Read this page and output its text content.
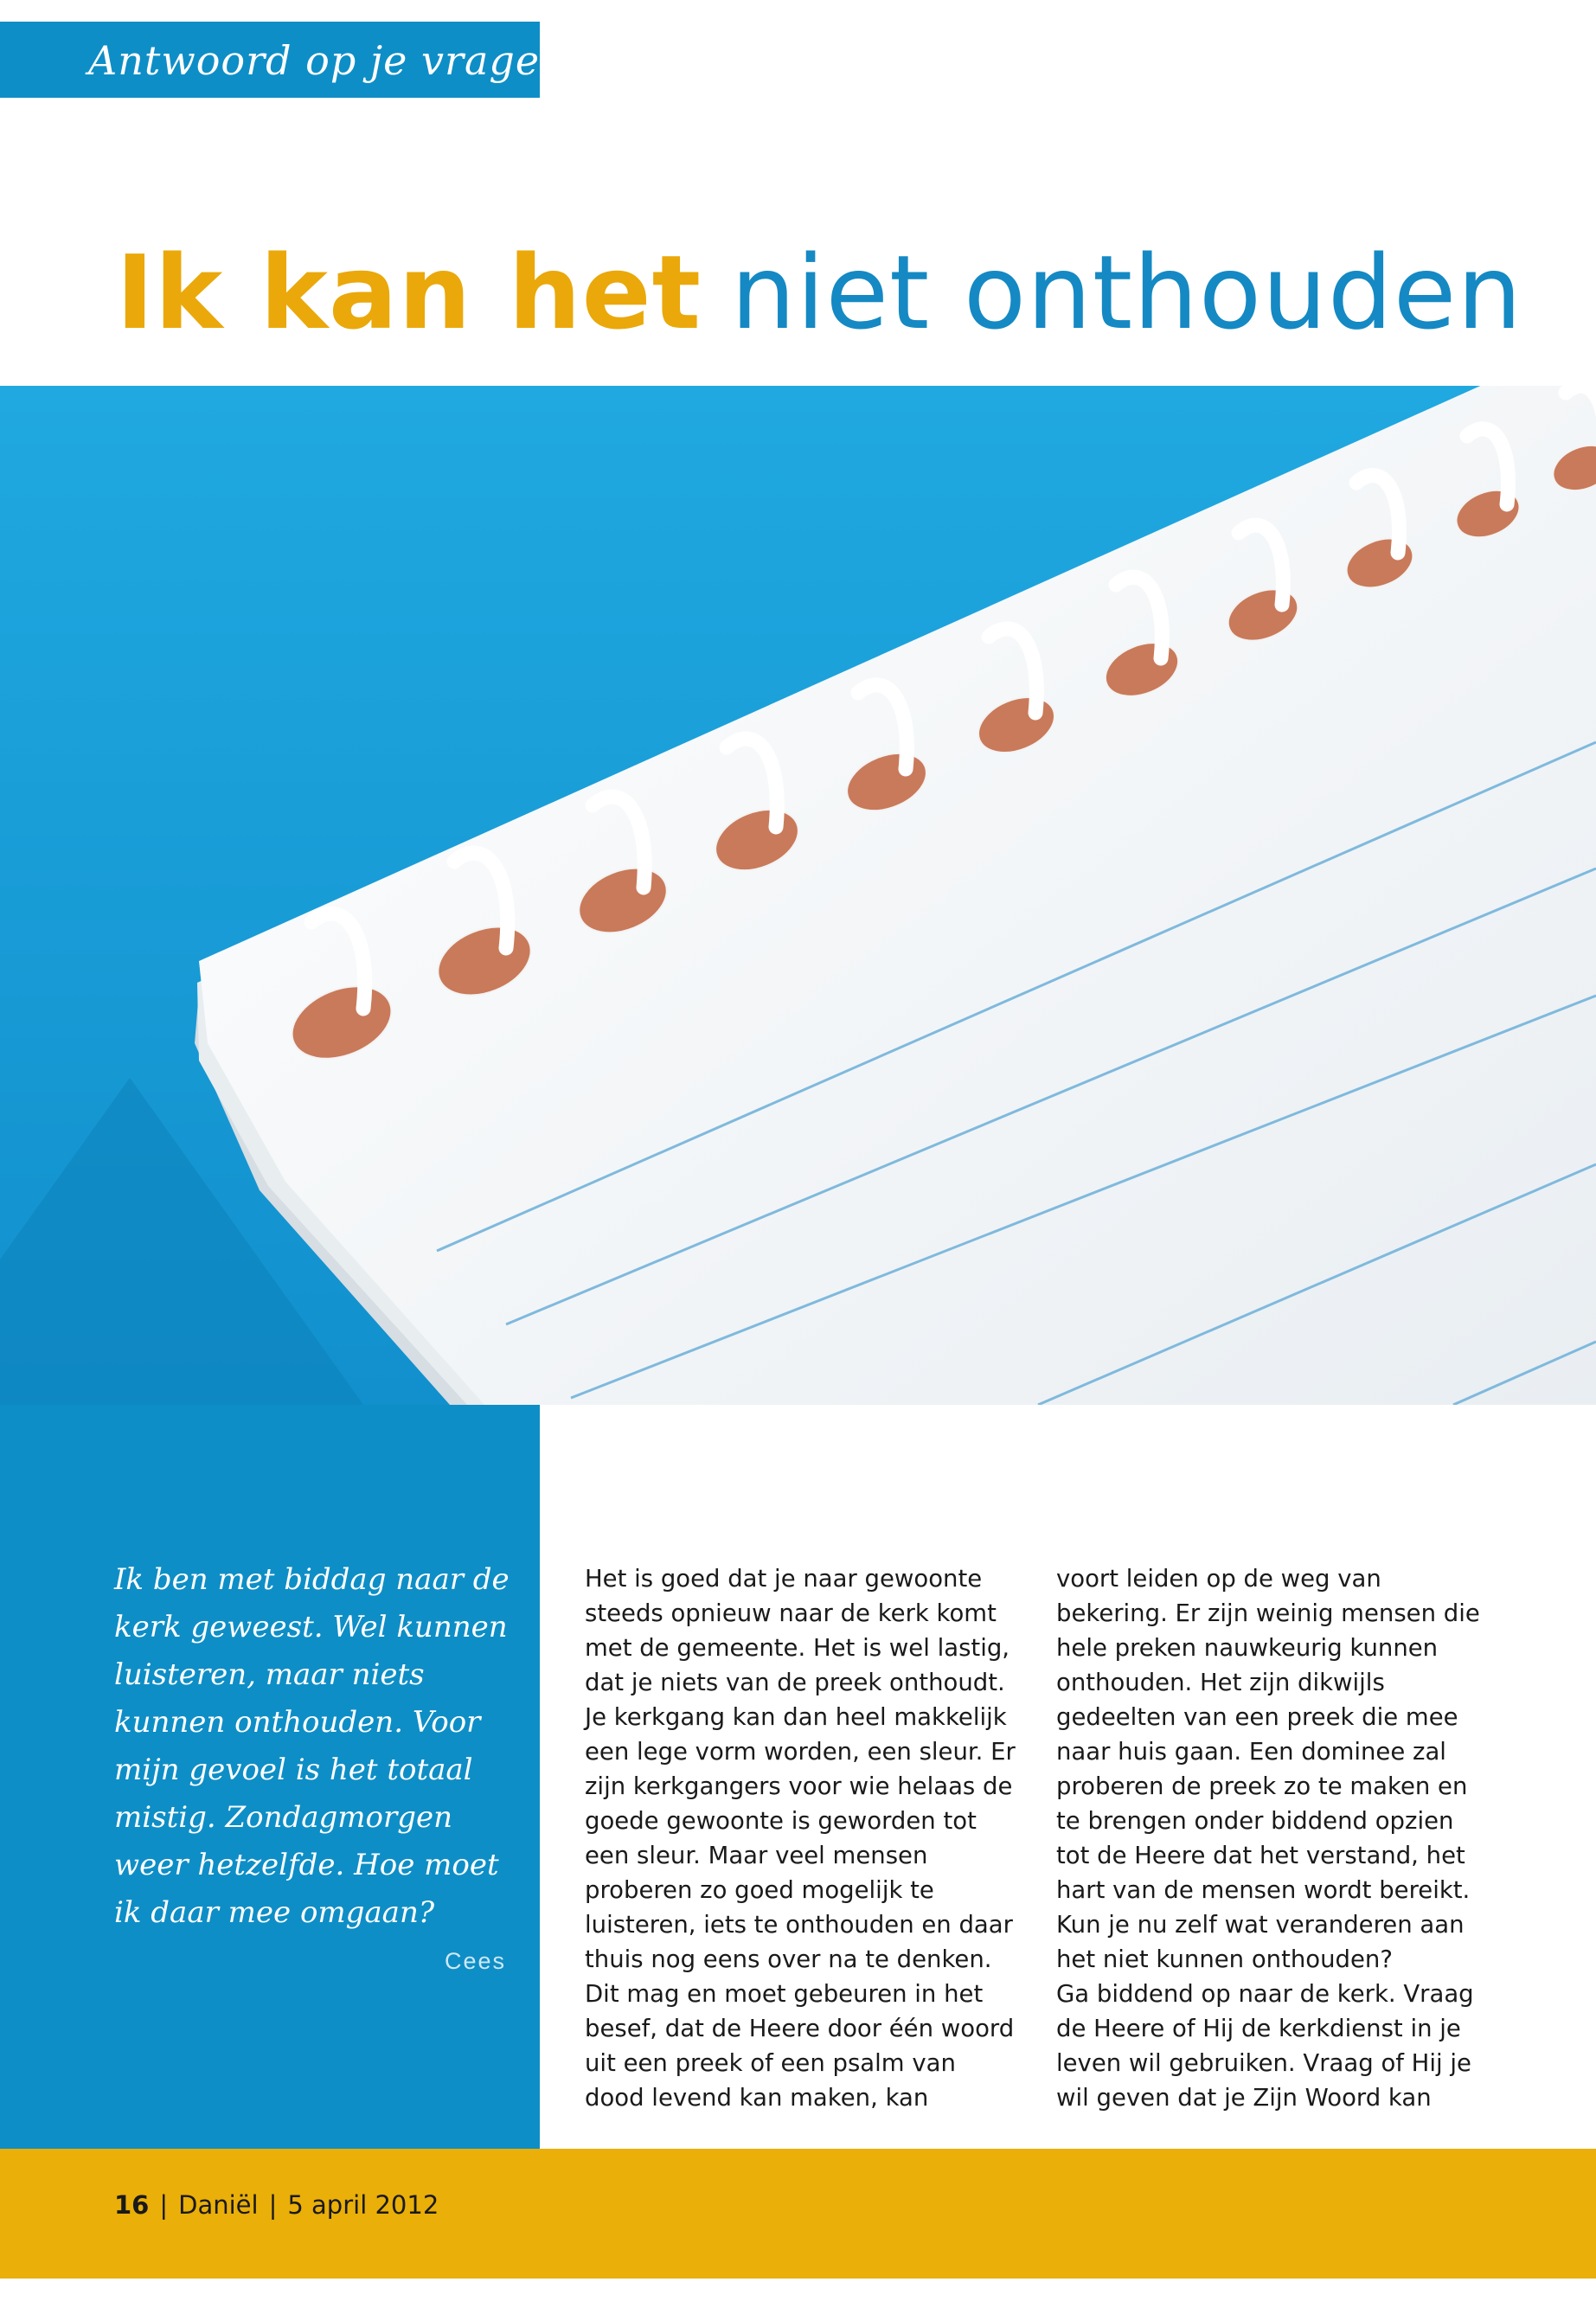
Antwoord op je vragen
Ik kan het niet onthouden

Ik ben met biddag naar de kerk geweest. Wel kunnen luisteren, maar niets kunnen onthouden. Voor mijn gevoel is het totaal mistig. Zondagmorgen weer hetzelfde. Hoe moet ik daar mee omgaan?

Cees

Het is goed dat je naar gewoonte steeds opnieuw naar de kerk komt met de gemeente. Het is wel lastig, dat je niets van de preek onthoudt. Je kerkgang kan dan heel makkelijk een lege vorm worden, een sleur. Er zijn kerkgangers voor wie helaas de goede gewoonte is geworden tot een sleur. Maar veel mensen proberen zo goed mogelijk te luisteren, iets te onthouden en daar thuis nog eens over na te denken. Dit mag en moet gebeuren in het besef, dat de Heere door één woord uit een preek of een psalm van dood levend kan maken, kan

voort leiden op de weg van bekering. Er zijn weinig mensen die hele preken nauwkeurig kunnen onthouden. Het zijn dikwijls gedeelten van een preek die mee naar huis gaan. Een dominee zal proberen de preek zo te maken en te brengen onder biddend opzien tot de Heere dat het verstand, het hart van de mensen wordt bereikt.
Kun je nu zelf wat veranderen aan het niet kunnen onthouden?
Ga biddend op naar de kerk. Vraag de Heere of Hij de kerkdienst in je leven wil gebruiken. Vraag of Hij je wil geven dat je Zijn Woord kan

16 | Daniël | 5 april 2012
